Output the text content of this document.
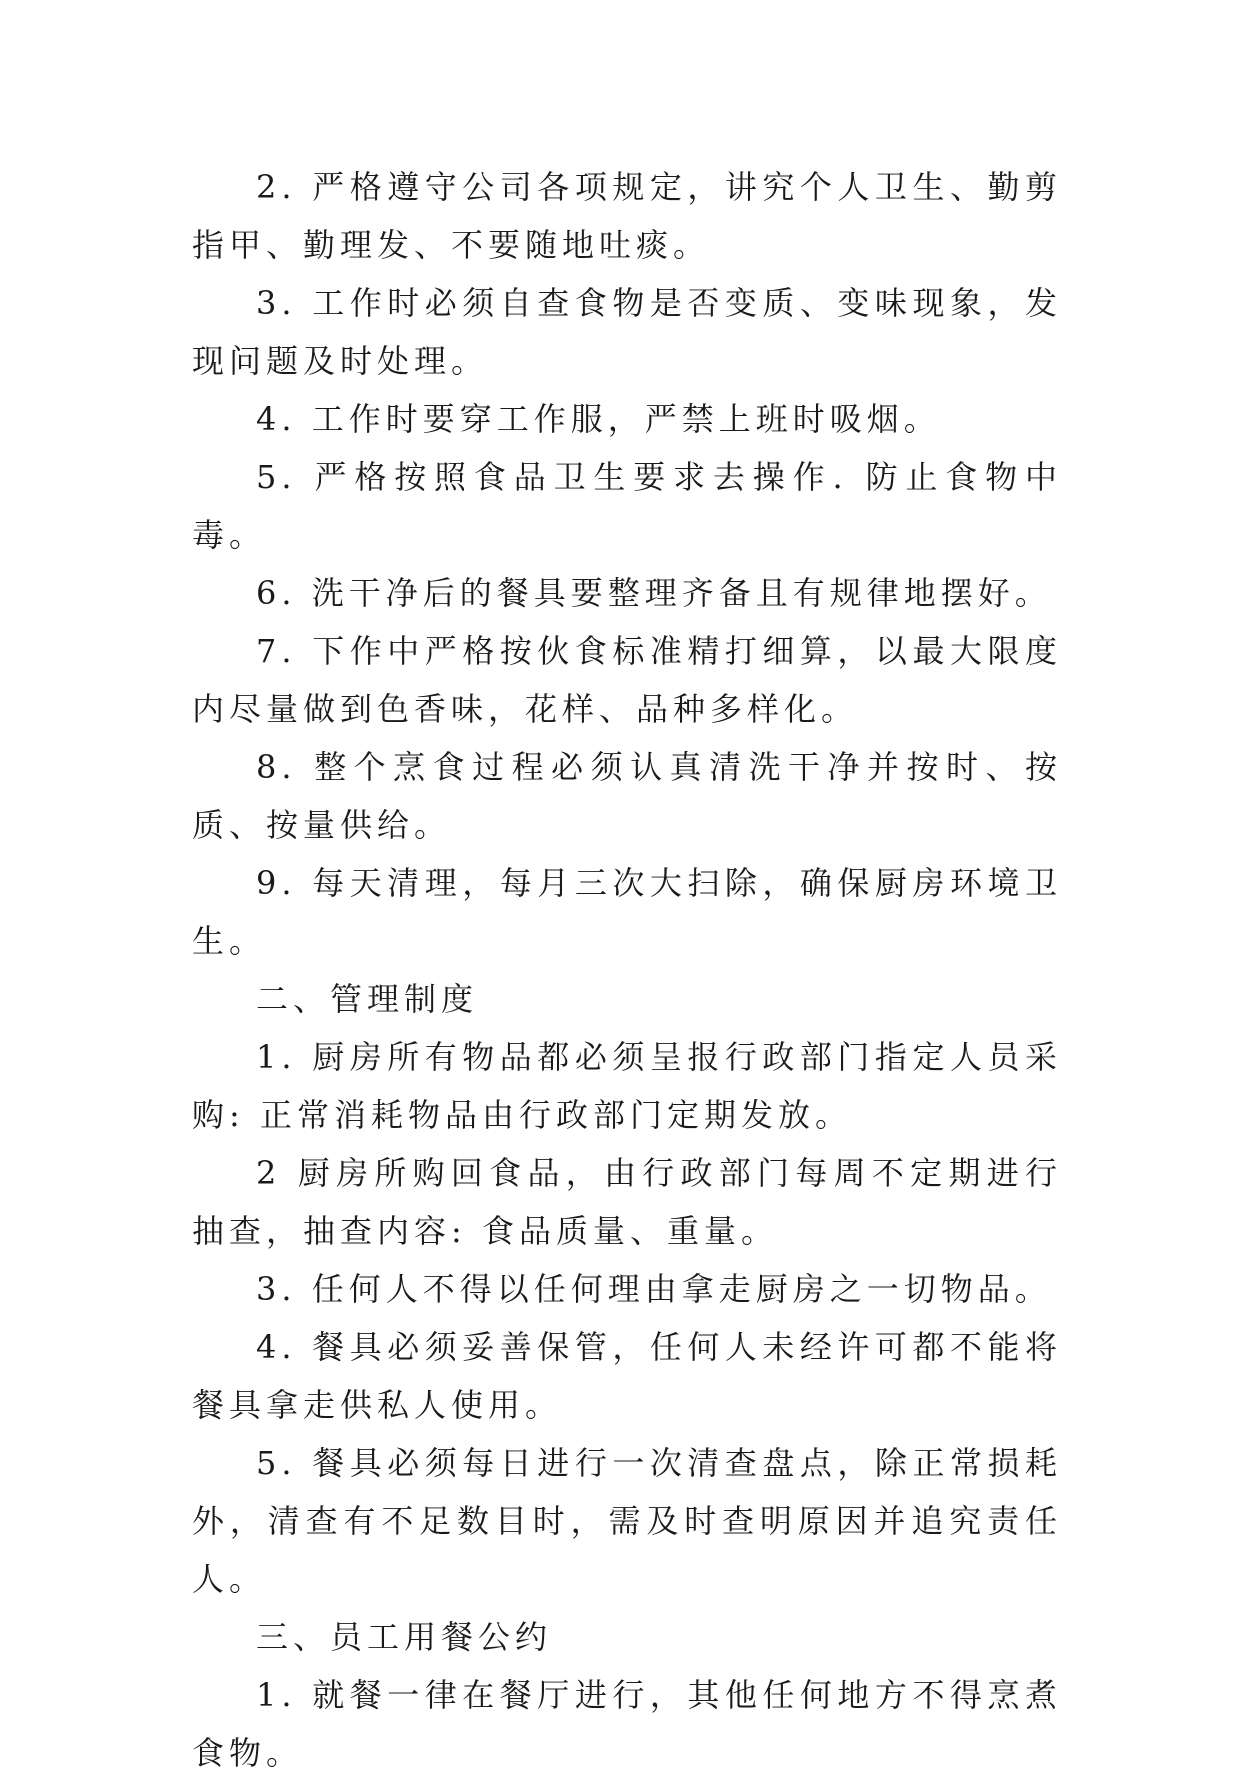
2. 严格遵守公司各项规定，讲究个人卫生、勤剪指甲、勤理发、不要随地吐痰。

3. 工作时必须自查食物是否变质、变味现象，发现问题及时处理。

4. 工作时要穿工作服，严禁上班时吸烟。

5. 严格按照食品卫生要求去操作. 防止食物中毒。

6. 洗干净后的餐具要整理齐备且有规律地摆好。

7. 下作中严格按伙食标准精打细算，以最大限度内尽量做到色香味，花样、品种多样化。

8. 整个烹食过程必须认真清洗干净并按时、按质、按量供给。

9. 每天清理，每月三次大扫除，确保厨房环境卫生。

二、管理制度

1. 厨房所有物品都必须呈报行政部门指定人员采购: 正常消耗物品由行政部门定期发放。

2 厨房所购回食品，由行政部门每周不定期进行抽查，抽查内容: 食品质量、重量。

3. 任何人不得以任何理由拿走厨房之一切物品。

4. 餐具必须妥善保管，任何人未经许可都不能将餐具拿走供私人使用。

5. 餐具必须每日进行一次清查盘点，除正常损耗外，清查有不足数目时，需及时查明原因并追究责任人。

三、员工用餐公约

1. 就餐一律在餐厅进行，其他任何地方不得烹煮食物。
